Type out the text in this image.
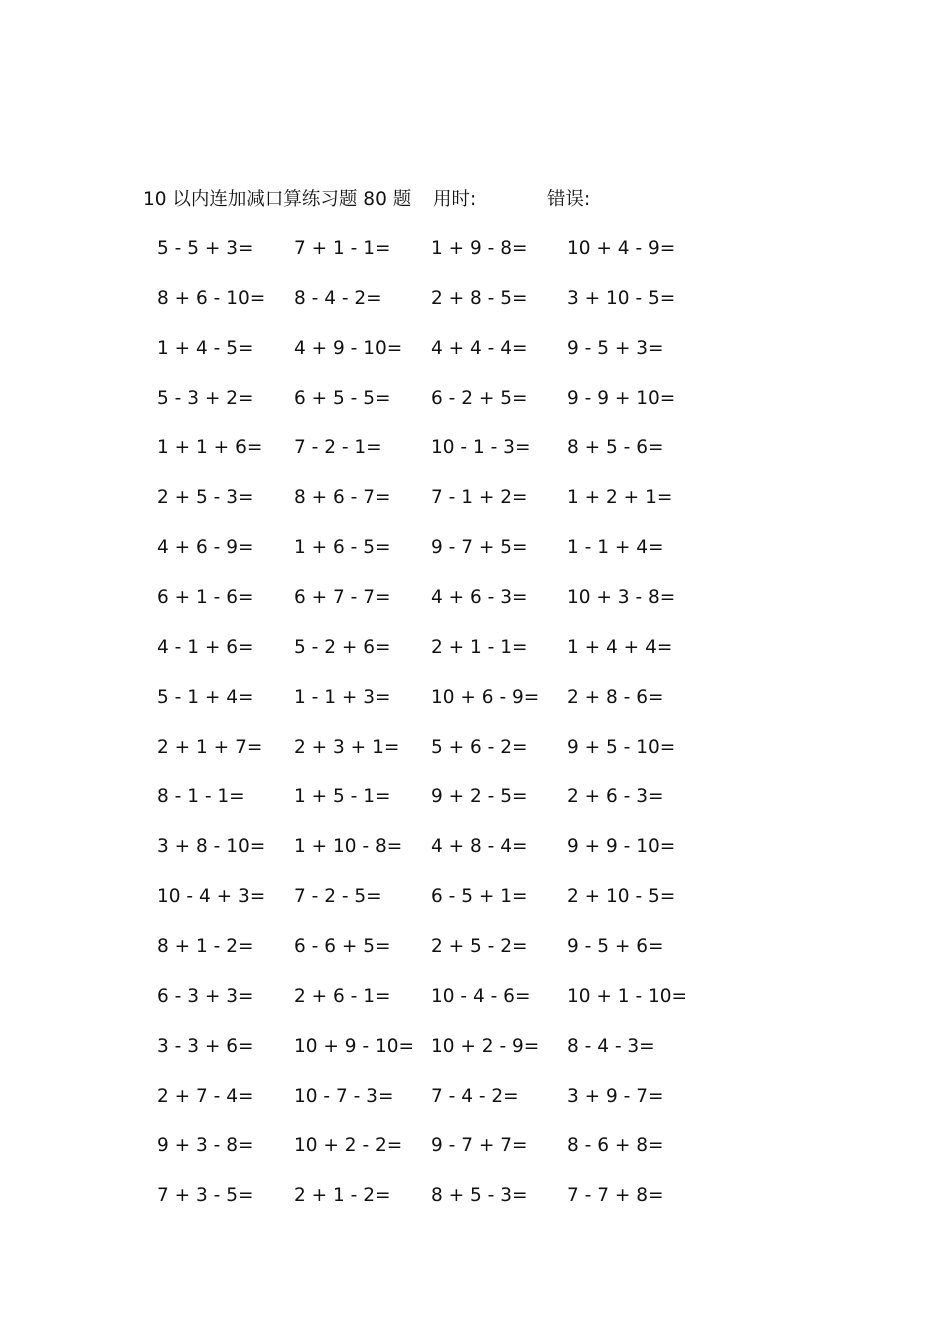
10 以内连加减口算练习题 80 题 用时:	错误:
5 - 5 + 3=	7 + 1 - 1=	1 + 9 - 8=	10 + 4 - 9=
8 + 6 - 10=	8 - 4 - 2=	2 + 8 - 5=	3 + 10 - 5=
1 + 4 - 5=	4 + 9 - 10=	4 + 4 - 4=	9 - 5 + 3=
5 - 3 + 2=	6 + 5 - 5=	6 - 2 + 5=	9 - 9 + 10=
1 + 1 + 6=	7 - 2 - 1=	10 - 1 - 3=	8 + 5 - 6=
2 + 5 - 3=	8 + 6 - 7=	7 - 1 + 2=	1 + 2 + 1=
4 + 6 - 9=	1 + 6 - 5=	9 - 7 + 5=	1 - 1 + 4=
6 + 1 - 6=	6 + 7 - 7=	4 + 6 - 3=	10 + 3 - 8=
4 - 1 + 6=	5 - 2 + 6=	2 + 1 - 1=	1 + 4 + 4=
5 - 1 + 4=	1 - 1 + 3=	10 + 6 - 9=	2 + 8 - 6=
2 + 1 + 7=	2 + 3 + 1=	5 + 6 - 2=	9 + 5 - 10=
8 - 1 - 1=	1 + 5 - 1=	9 + 2 - 5=	2 + 6 - 3=
3 + 8 - 10=	1 + 10 - 8=	4 + 8 - 4=	9 + 9 - 10=
10 - 4 + 3=	7 - 2 - 5=	6 - 5 + 1=	2 + 10 - 5=
8 + 1 - 2=	6 - 6 + 5=	2 + 5 - 2=	9 - 5 + 6=
6 - 3 + 3=	2 + 6 - 1=	10 - 4 - 6=	10 + 1 - 10=
3 - 3 + 6=	10 + 9 - 10= 10 + 2 - 9=	8 - 4 - 3=
2 + 7 - 4=	10 - 7 - 3=	7 - 4 - 2=	3 + 9 - 7=
9 + 3 - 8=	10 + 2 - 2=	9 - 7 + 7=	8 - 6 + 8=
7 + 3 - 5=	2 + 1 - 2=	8 + 5 - 3=	7 - 7 + 8=
